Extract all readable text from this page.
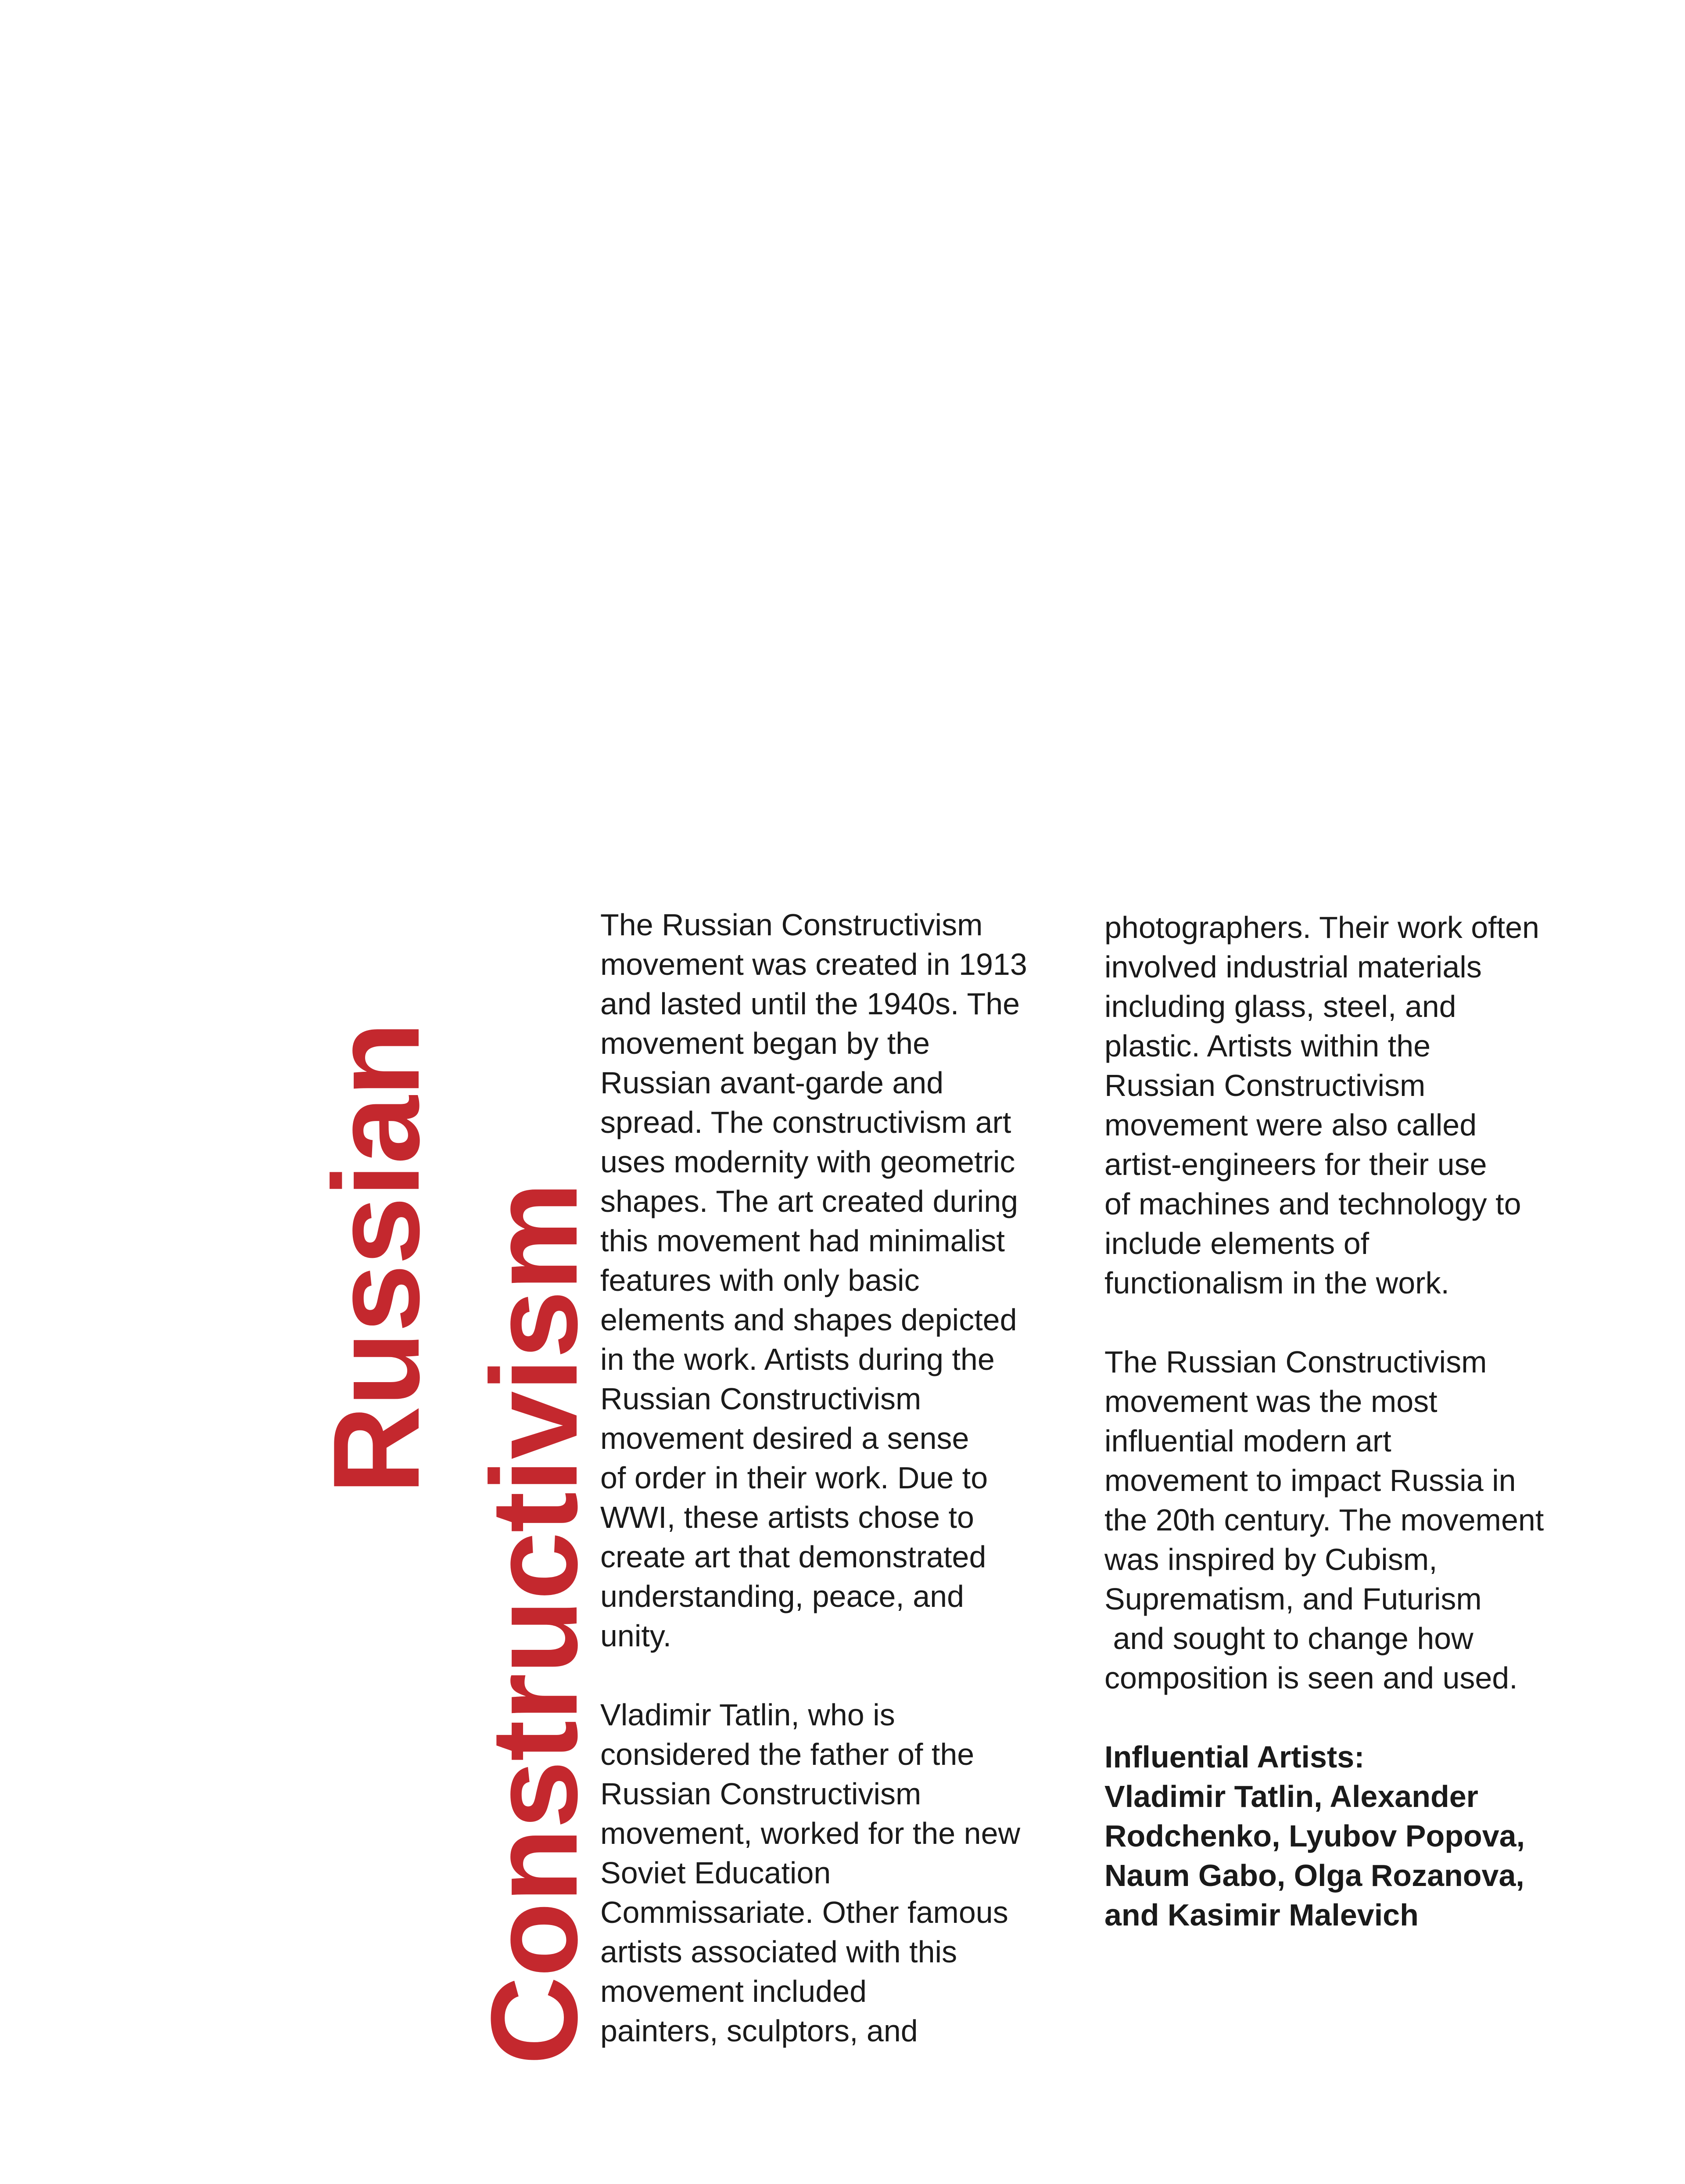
Russian Constructivism

The Russian Constructivism

movement was created in 1913

and lasted until the 1940s. The

movement began by the

Russian avant-garde and

spread. The constructivism art

uses modernity with geometric

shapes. The art created during

this movement had minimalist

features with only basic

elements and shapes depicted

in the work. Artists during the

Russian Constructivism

movement desired a sense

of order in their work. Due to

WWI, these artists chose to

create art that demonstrated

understanding, peace, and

unity.

Vladimir Tatlin, who is

considered the father of the

Russian Constructivism

movement, worked for the new

Soviet Education

Commissariate. Other famous

artists associated with this

movement included

painters, sculptors, and

photographers. Their work often

involved industrial materials

including glass, steel, and

plastic. Artists within the

Russian Constructivism

movement were also called

artist-engineers for their use

of machines and technology to

include elements of

functionalism in the work.

The Russian Constructivism

movement was the most

influential modern art

movement to impact Russia in

the 20th century. The movement

was inspired by Cubism,

Suprematism, and Futurism

and sought to change how

composition is seen and used.

Influential Artists:

Vladimir Tatlin, Alexander

Rodchenko, Lyubov Popova,

Naum Gabo, Olga Rozanova,

and Kasimir Malevich
